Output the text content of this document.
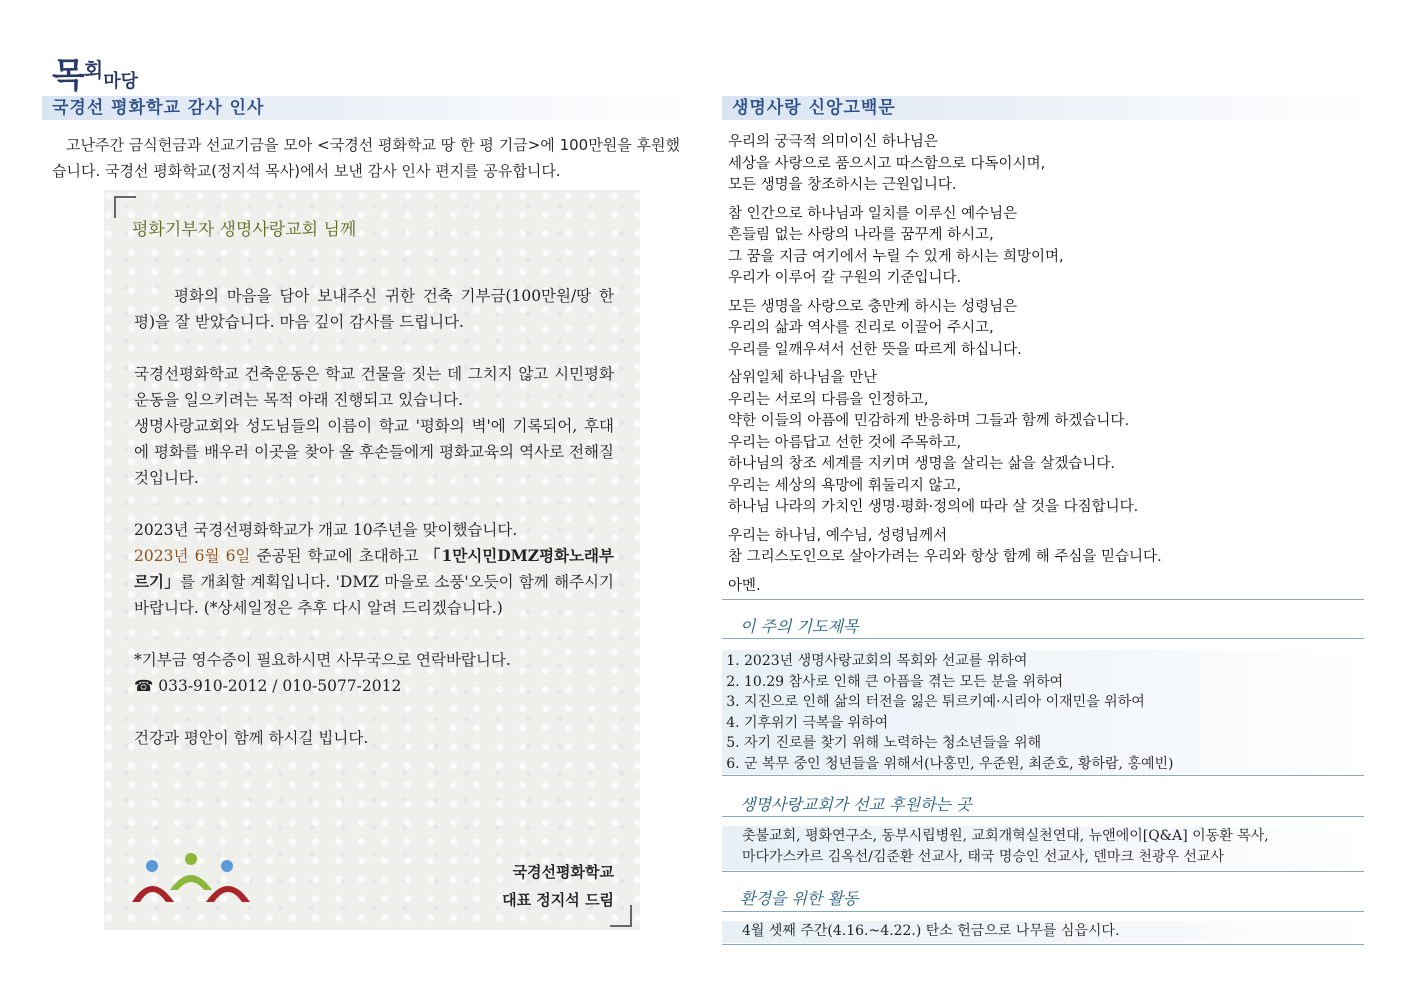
목회마당
국경선 평화학교 감사 인사
고난주간 금식헌금과 선교기금을 모아 <국경선 평화학교 땅 한 평 기금>에 100만원을 후원했습니다. 국경선 평화학교(정지석 목사)에서 보낸 감사 인사 편지를 공유합니다.
평화기부자 생명사랑교회 님께

평화의 마음을 담아 보내주신 귀한 건축 기부금(100만원/땅 한 평)을 잘 받았습니다. 마음 깊이 감사를 드립니다.

국경선평화학교 건축운동은 학교 건물을 짓는 데 그치지 않고 시민평화운동을 일으키려는 목적 아래 진행되고 있습니다.

생명사랑교회와 성도님들의 이름이 학교 '평화의 벽'에 기록되어, 후대에 평화를 배우러 이곳을 찾아 올 후손들에게 평화교육의 역사로 전해질 것입니다.

2023년 국경선평화학교가 개교 10주년을 맞이했습니다.

2023년 6월 6일 준공된 학교에 초대하고 「1만시민DMZ평화노래부르기」를 개최할 계획입니다. 'DMZ 마을로 소풍'오듯이 함께 해주시기 바랍니다. (*상세일정은 추후 다시 알려 드리겠습니다.)

*기부금 영수증이 필요하시면 사무국으로 연락바랍니다.

☎ 033-910-2012 / 010-5077-2012

건강과 평안이 함께 하시길 빕니다.

국경선평화학교
대표 정지석 드림
생명사랑 신앙고백문

우리의 궁극적 의미이신 하나님은
세상을 사랑으로 품으시고 따스함으로 다독이시며,
모든 생명을 창조하시는 근원입니다.

참 인간으로 하나님과 일치를 이루신 예수님은
흔들림 없는 사랑의 나라를 꿈꾸게 하시고,
그 꿈을 지금 여기에서 누릴 수 있게 하시는 희망이며,
우리가 이루어 갈 구원의 기준입니다.

모든 생명을 사랑으로 충만케 하시는 성령님은
우리의 삶과 역사를 진리로 이끌어 주시고,
우리를 일깨우셔서 선한 뜻을 따르게 하십니다.

삼위일체 하나님을 만난
우리는 서로의 다름을 인정하고,
약한 이들의 아픔에 민감하게 반응하며 그들과 함께 하겠습니다.
우리는 아름답고 선한 것에 주목하고,
하나님의 창조 세계를 지키며 생명을 살리는 삶을 살겠습니다.
우리는 세상의 욕망에 휘둘리지 않고,
하나님 나라의 가치인 생명·평화·정의에 따라 살 것을 다짐합니다.

우리는 하나님, 예수님, 성령님께서
참 그리스도인으로 살아가려는 우리와 항상 함께 해 주심을 믿습니다.

아멘.

이 주의 기도제목
1. 2023년 생명사랑교회의 목회와 선교를 위하여
2. 10.29 참사로 인해 큰 아픔을 겪는 모든 분을 위하여
3. 지진으로 인해 삶의 터전을 잃은 튀르키예·시리아 이재민을 위하여
4. 기후위기 극복을 위하여
5. 자기 진로를 찾기 위해 노력하는 청소년들을 위해
6. 군 복무 중인 청년들을 위해서(나홍민, 우준원, 최준호, 황하람, 홍예빈)
생명사랑교회가 선교 후원하는 곳
촛불교회, 평화연구소, 동부시립병원, 교회개혁실천연대, 뉴앤에이[Q&A] 이동환 목사,
마다가스카르 김옥선/김준환 선교사, 태국 명승인 선교사, 덴마크 천광우 선교사
환경을 위한 활동
4월 셋째 주간(4.16.~4.22.) 탄소 헌금으로 나무를 심읍시다.
